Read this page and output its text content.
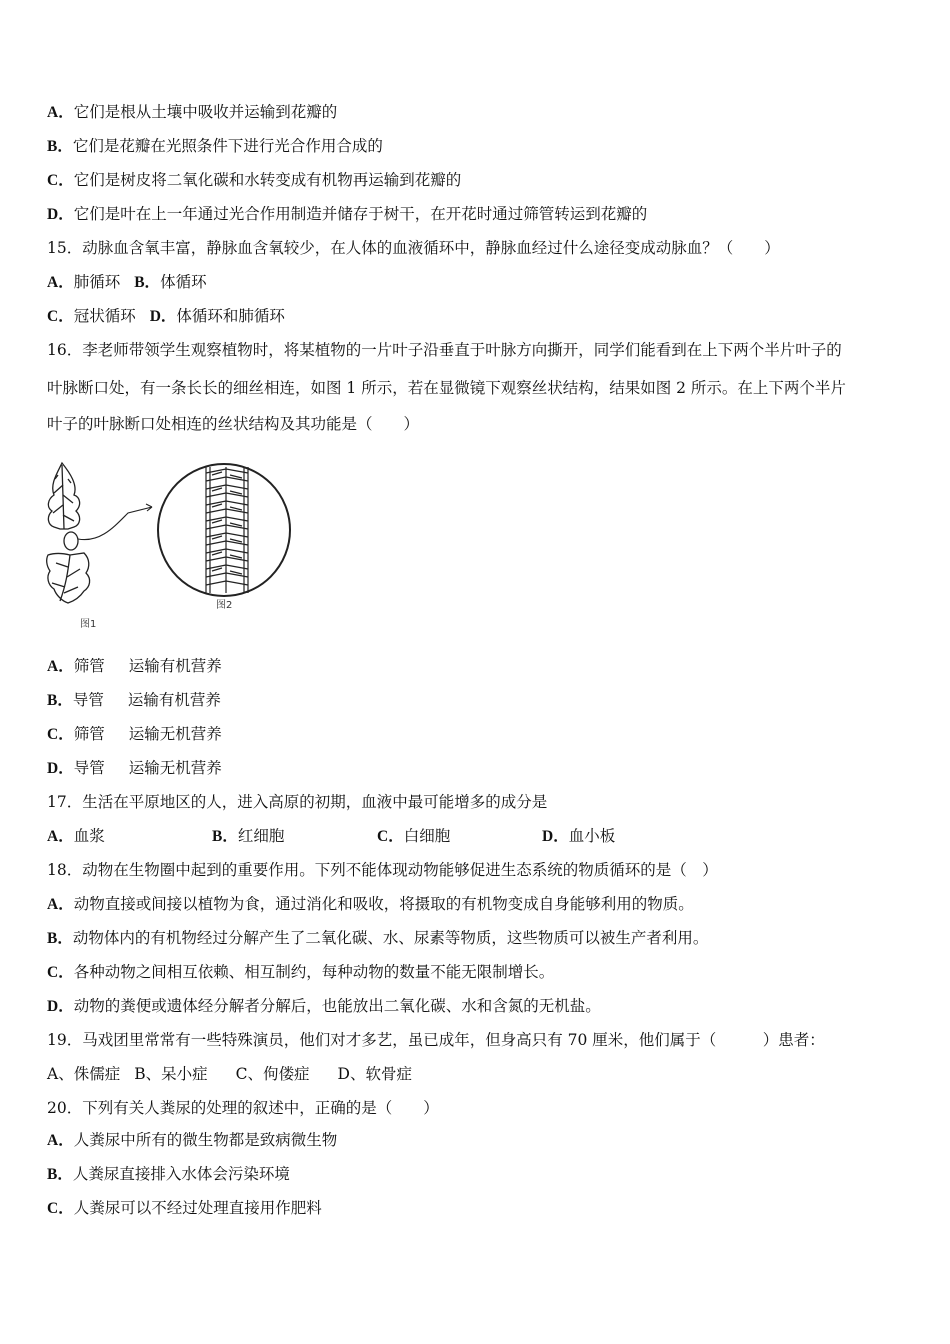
A．它们是根从土壤中吸收并运输到花瓣的
B．它们是花瓣在光照条件下进行光合作用合成的
C．它们是树皮将二氧化碳和水转变成有机物再运输到花瓣的
D．它们是叶在上一年通过光合作用制造并储存于树干，在开花时通过筛管转运到花瓣的
15．动脉血含氧丰富，静脉血含氧较少，在人体的血液循环中，静脉血经过什么途径变成动脉血？（　　）
A．肺循环 B．体循环
C．冠状循环 D．体循环和肺循环
16．李老师带领学生观察植物时，将某植物的一片叶子沿垂直于叶脉方向撕开，同学们能看到在上下两个半片叶子的
叶脉断口处，有一条长长的细丝相连，如图 1 所示，若在显微镜下观察丝状结构，结果如图 2 所示。在上下两个半片
叶子的叶脉断口处相连的丝状结构及其功能是（　　）
图2
图1
A．筛管 运输有机营养
B．导管 运输有机营养
C．筛管 运输无机营养
D．导管 运输无机营养
17．生活在平原地区的人，进入高原的初期，血液中最可能增多的成分是
A．血浆	B．红细胞	C．白细胞	D．血小板
18．动物在生物圈中起到的重要作用。下列不能体现动物能够促进生态系统的物质循环的是（　）
A．动物直接或间接以植物为食，通过消化和吸收，将摄取的有机物变成自身能够利用的物质。
B．动物体内的有机物经过分解产生了二氧化碳、水、尿素等物质，这些物质可以被生产者利用。
C．各种动物之间相互依赖、相互制约，每种动物的数量不能无限制增长。
D．动物的粪便或遗体经分解者分解后，也能放出二氧化碳、水和含氮的无机盐。
19．马戏团里常常有一些特殊演员，他们对才多艺，虽已成年，但身高只有 70 厘米，他们属于（　　　）患者：
A、侏儒症 B、呆小症 C、佝偻症 D、软骨症
20．下列有关人粪尿的处理的叙述中，正确的是（　　）
A．人粪尿中所有的微生物都是致病微生物
B．人粪尿直接排入水体会污染环境
C．人粪尿可以不经过处理直接用作肥料
